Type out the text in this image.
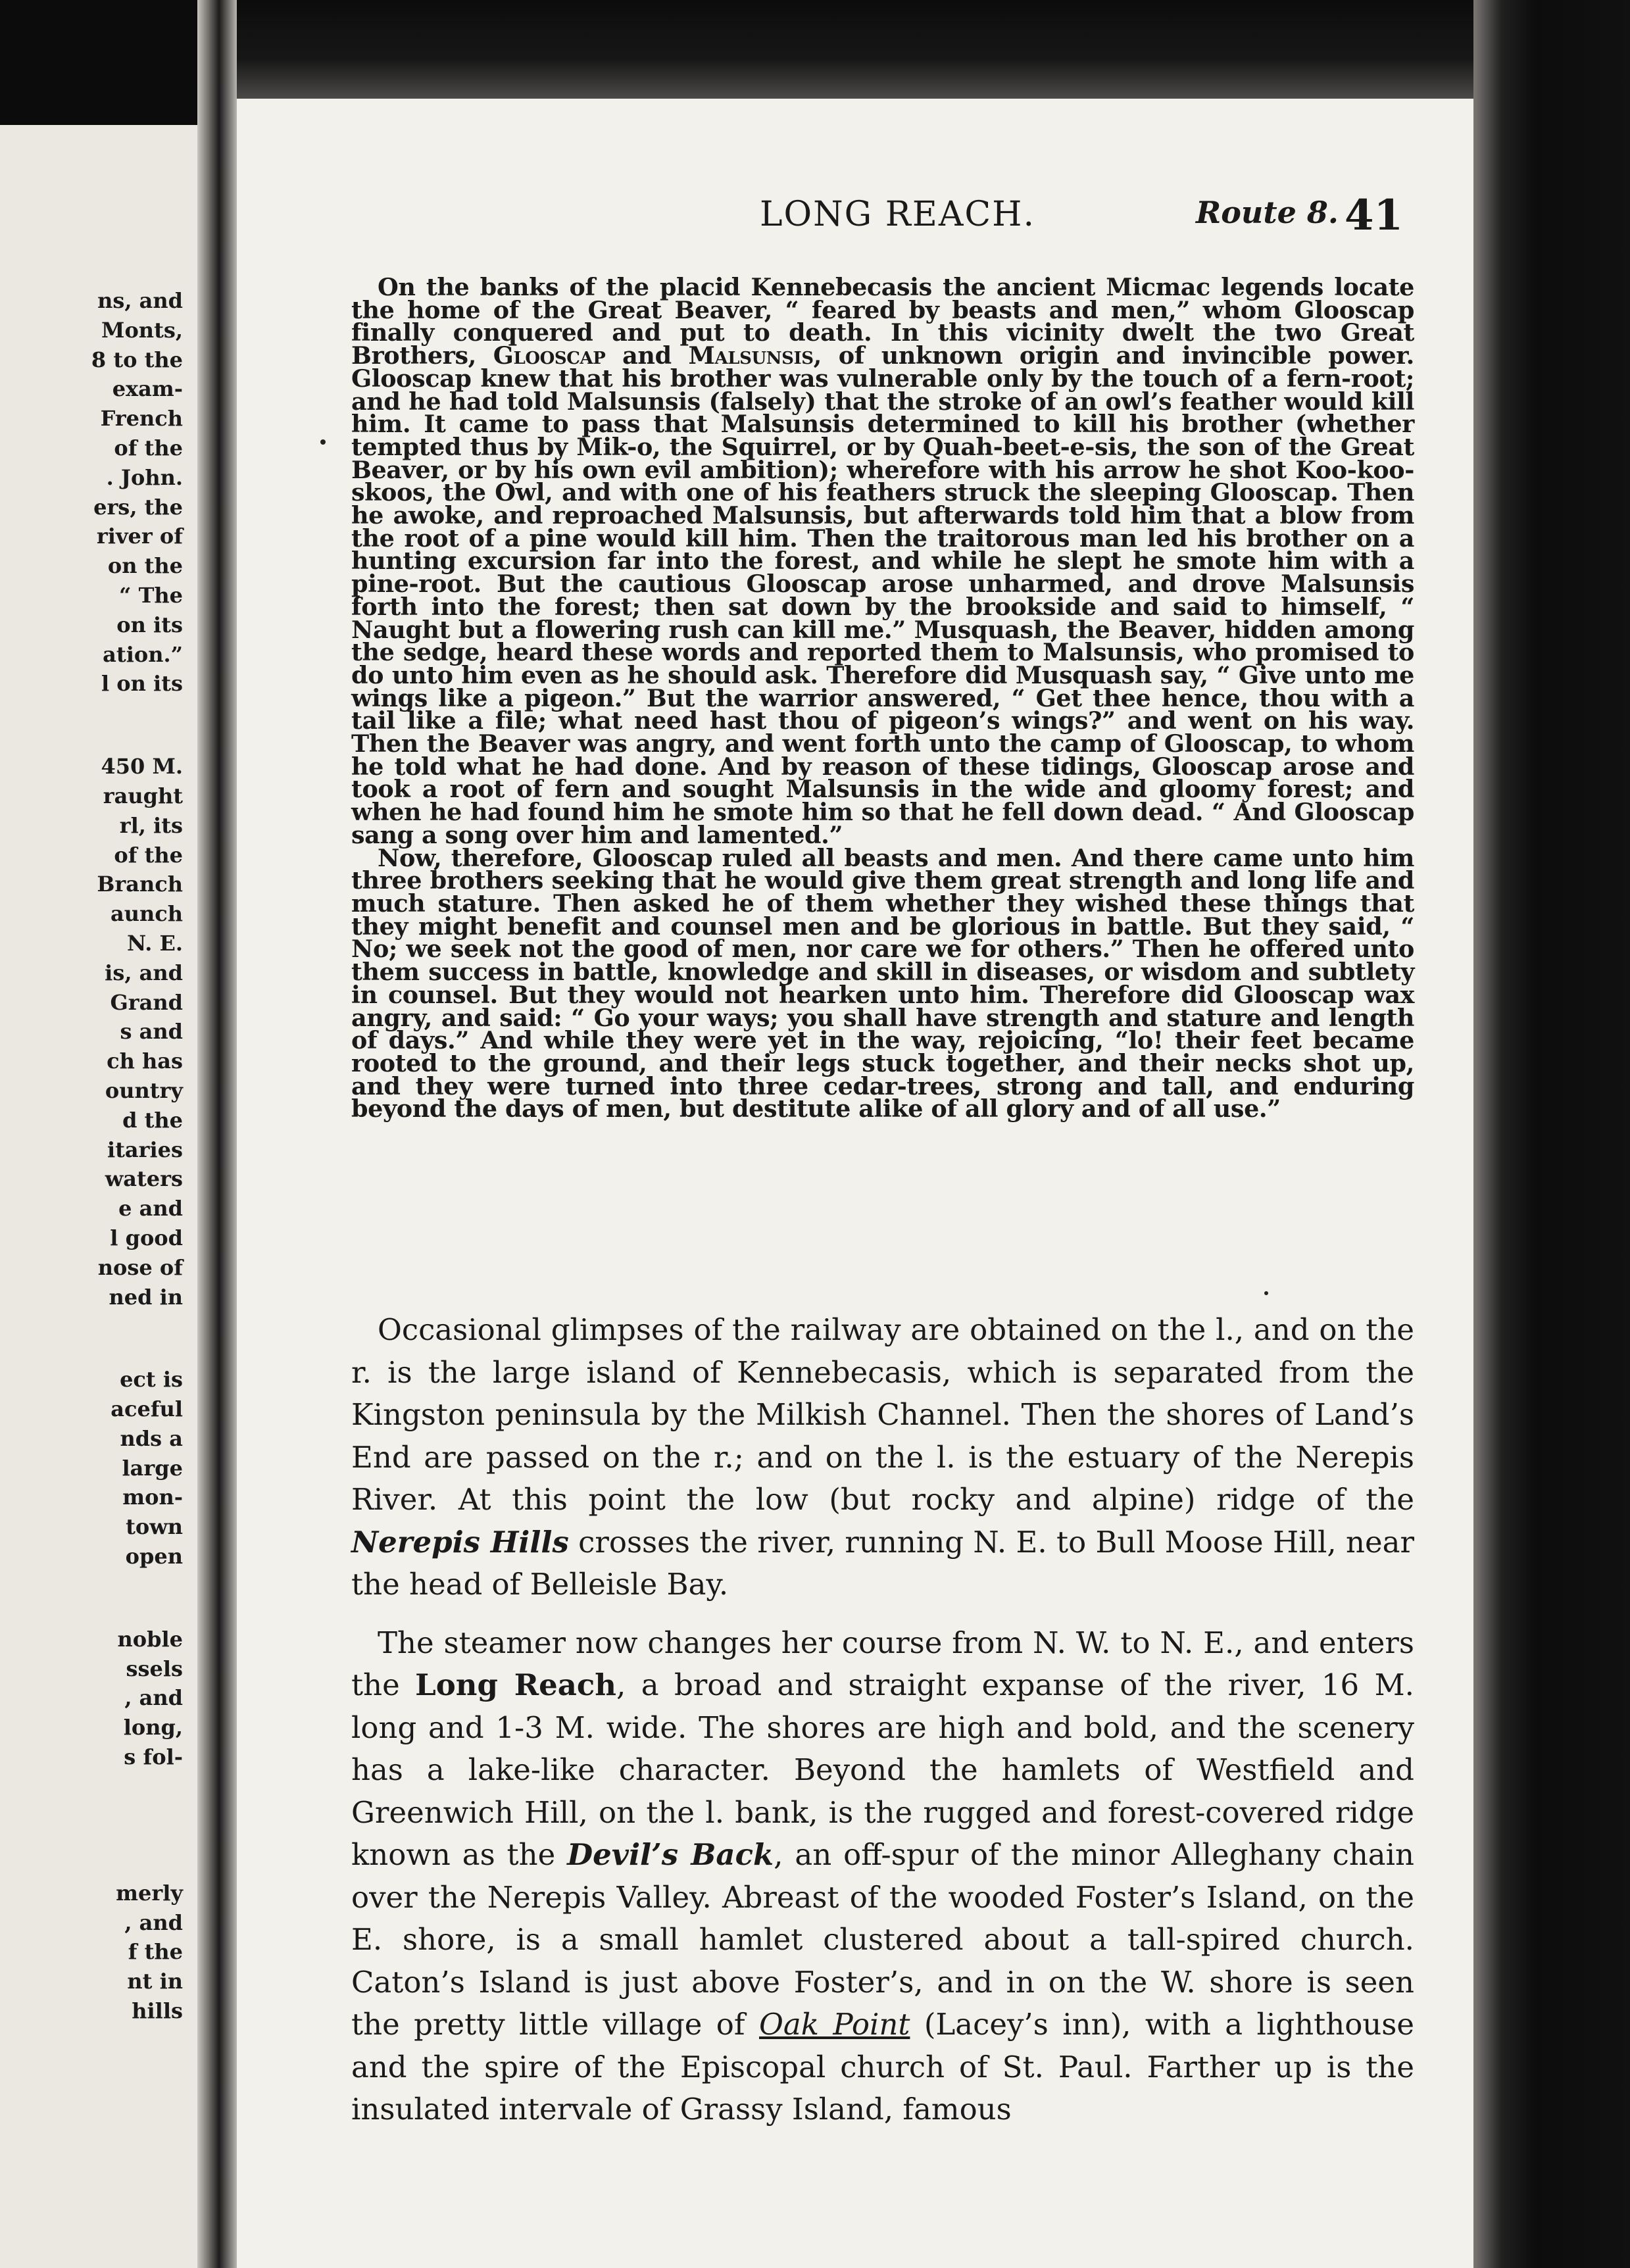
ns, and
Monts,
8 to the
exam-
French
of the
. John.
ers, the
river of
on the
“ The
on its
ation.”
l on its
450 M.
raught
rl, its
of the
Branch
aunch
N. E.
is, and
Grand
s and
ch has
ountry
d the
itaries
waters
e and
l good
nose of
ned in
ect is
aceful
nds a
large
mon-
town
open
noble
ssels
, and
long,
s fol-
merly
, and
f the
nt in
hills
LONG REACH.	Route 8. 41

On the banks of the placid Kennebecasis the ancient Micmac legends locate the home of the Great Beaver, “ feared by beasts and men,” whom Glooscap finally conquered and put to death. In this vicinity dwelt the two Great Brothers, Glooscap and Malsunsis, of unknown origin and invincible power. Glooscap knew that his brother was vulnerable only by the touch of a fern-root; and he had told Malsunsis (falsely) that the stroke of an owl’s feather would kill him. It came to pass that Malsunsis determined to kill his brother (whether tempted thus by Mik-o, the Squirrel, or by Quah-beet-e-sis, the son of the Great Beaver, or by his own evil ambition); wherefore with his arrow he shot Koo-koo-skoos, the Owl, and with one of his feathers struck the sleeping Glooscap. Then he awoke, and reproached Malsunsis, but afterwards told him that a blow from the root of a pine would kill him. Then the traitorous man led his brother on a hunting excursion far into the forest, and while he slept he smote him with a pine-root. But the cautious Glooscap arose unharmed, and drove Malsunsis forth into the forest; then sat down by the brookside and said to himself, “ Naught but a flowering rush can kill me.” Musquash, the Beaver, hidden among the sedge, heard these words and reported them to Malsunsis, who promised to do unto him even as he should ask. Therefore did Musquash say, “ Give unto me wings like a pigeon.” But the warrior answered, “ Get thee hence, thou with a tail like a file; what need hast thou of pigeon’s wings?” and went on his way. Then the Beaver was angry, and went forth unto the camp of Glooscap, to whom he told what he had done. And by reason of these tidings, Glooscap arose and took a root of fern and sought Malsunsis in the wide and gloomy forest; and when he had found him he smote him so that he fell down dead. “ And Glooscap sang a song over him and lamented.”

Now, therefore, Glooscap ruled all beasts and men. And there came unto him three brothers seeking that he would give them great strength and long life and much stature. Then asked he of them whether they wished these things that they might benefit and counsel men and be glorious in battle. But they said, “ No; we seek not the good of men, nor care we for others.” Then he offered unto them success in battle, knowledge and skill in diseases, or wisdom and subtlety in counsel. But they would not hearken unto him. Therefore did Glooscap wax angry, and said: “ Go your ways; you shall have strength and stature and length of days.” And while they were yet in the way, rejoicing, “lo! their feet became rooted to the ground, and their legs stuck together, and their necks shot up, and they were turned into three cedar-trees, strong and tall, and enduring beyond the days of men, but destitute alike of all glory and of all use.”

Occasional glimpses of the railway are obtained on the l., and on the r. is the large island of Kennebecasis, which is separated from the Kingston peninsula by the Milkish Channel. Then the shores of Land’s End are passed on the r.; and on the l. is the estuary of the Nerepis River. At this point the low (but rocky and alpine) ridge of the Nerepis Hills crosses the river, running N. E. to Bull Moose Hill, near the head of Belleisle Bay.

The steamer now changes her course from N. W. to N. E., and enters the Long Reach, a broad and straight expanse of the river, 16 M. long and 1-3 M. wide. The shores are high and bold, and the scenery has a lake-like character. Beyond the hamlets of Westfield and Greenwich Hill, on the l. bank, is the rugged and forest-covered ridge known as the Devil’s Back, an off-spur of the minor Alleghany chain over the Nerepis Valley. Abreast of the wooded Foster’s Island, on the E. shore, is a small hamlet clustered about a tall-spired church. Caton’s Island is just above Foster’s, and in on the W. shore is seen the pretty little village of Oak Point (Lacey’s inn), with a lighthouse and the spire of the Episcopal church of St. Paul. Farther up is the insulated intervale of Grassy Island, famous
